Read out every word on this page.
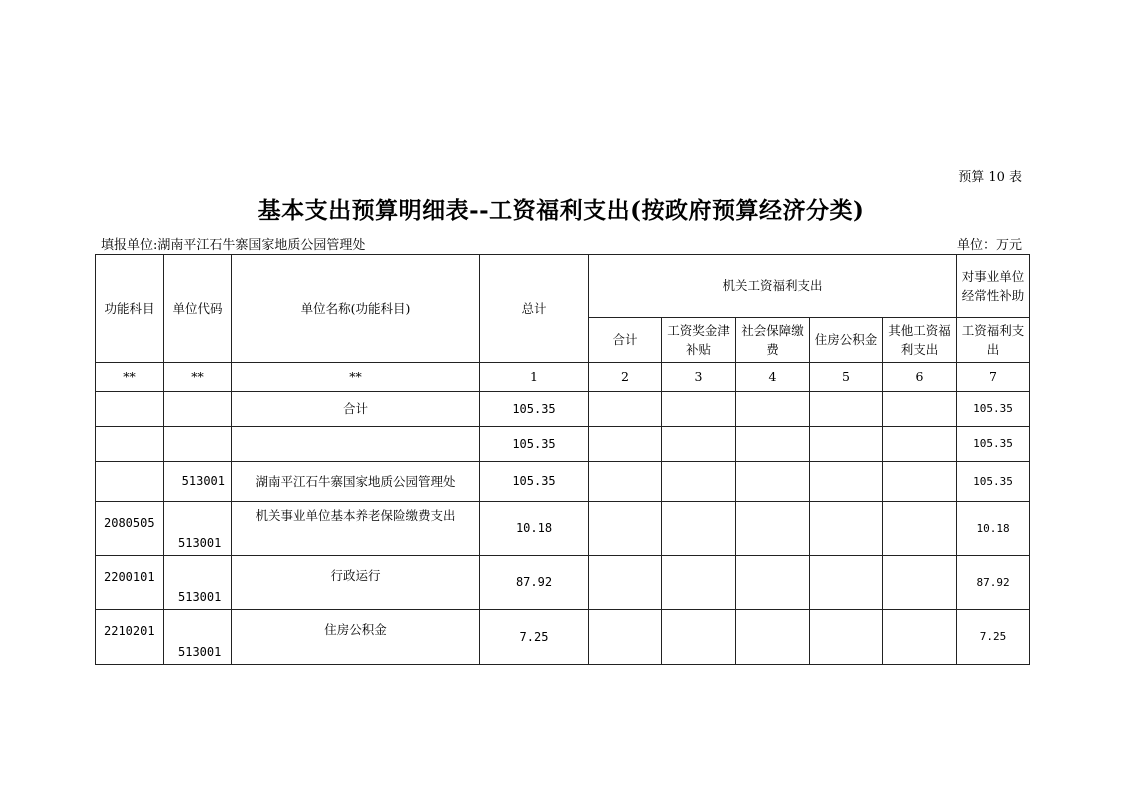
预算 10 表
基本支出预算明细表--工资福利支出(按政府预算经济分类)
填报单位:湖南平江石牛寨国家地质公园管理处	单位：万元
功能科目	单位代码	单位名称(功能科目)	总计	机关工资福利支出					对事业单位经常性补助
				合计	工资奖金津补贴	社会保障缴费	住房公积金	其他工资福利支出	工资福利支出
**	**	**	1	2	3	4	5	6	7
		合计	105.35						105.35
			105.35						105.35
	513001	湖南平江石牛寨国家地质公园管理处	105.35						105.35
2080505	513001	机关事业单位基本养老保险缴费支出	10.18						10.18
2200101	513001	行政运行	87.92						87.92
2210201	513001	住房公积金	7.25						7.25
